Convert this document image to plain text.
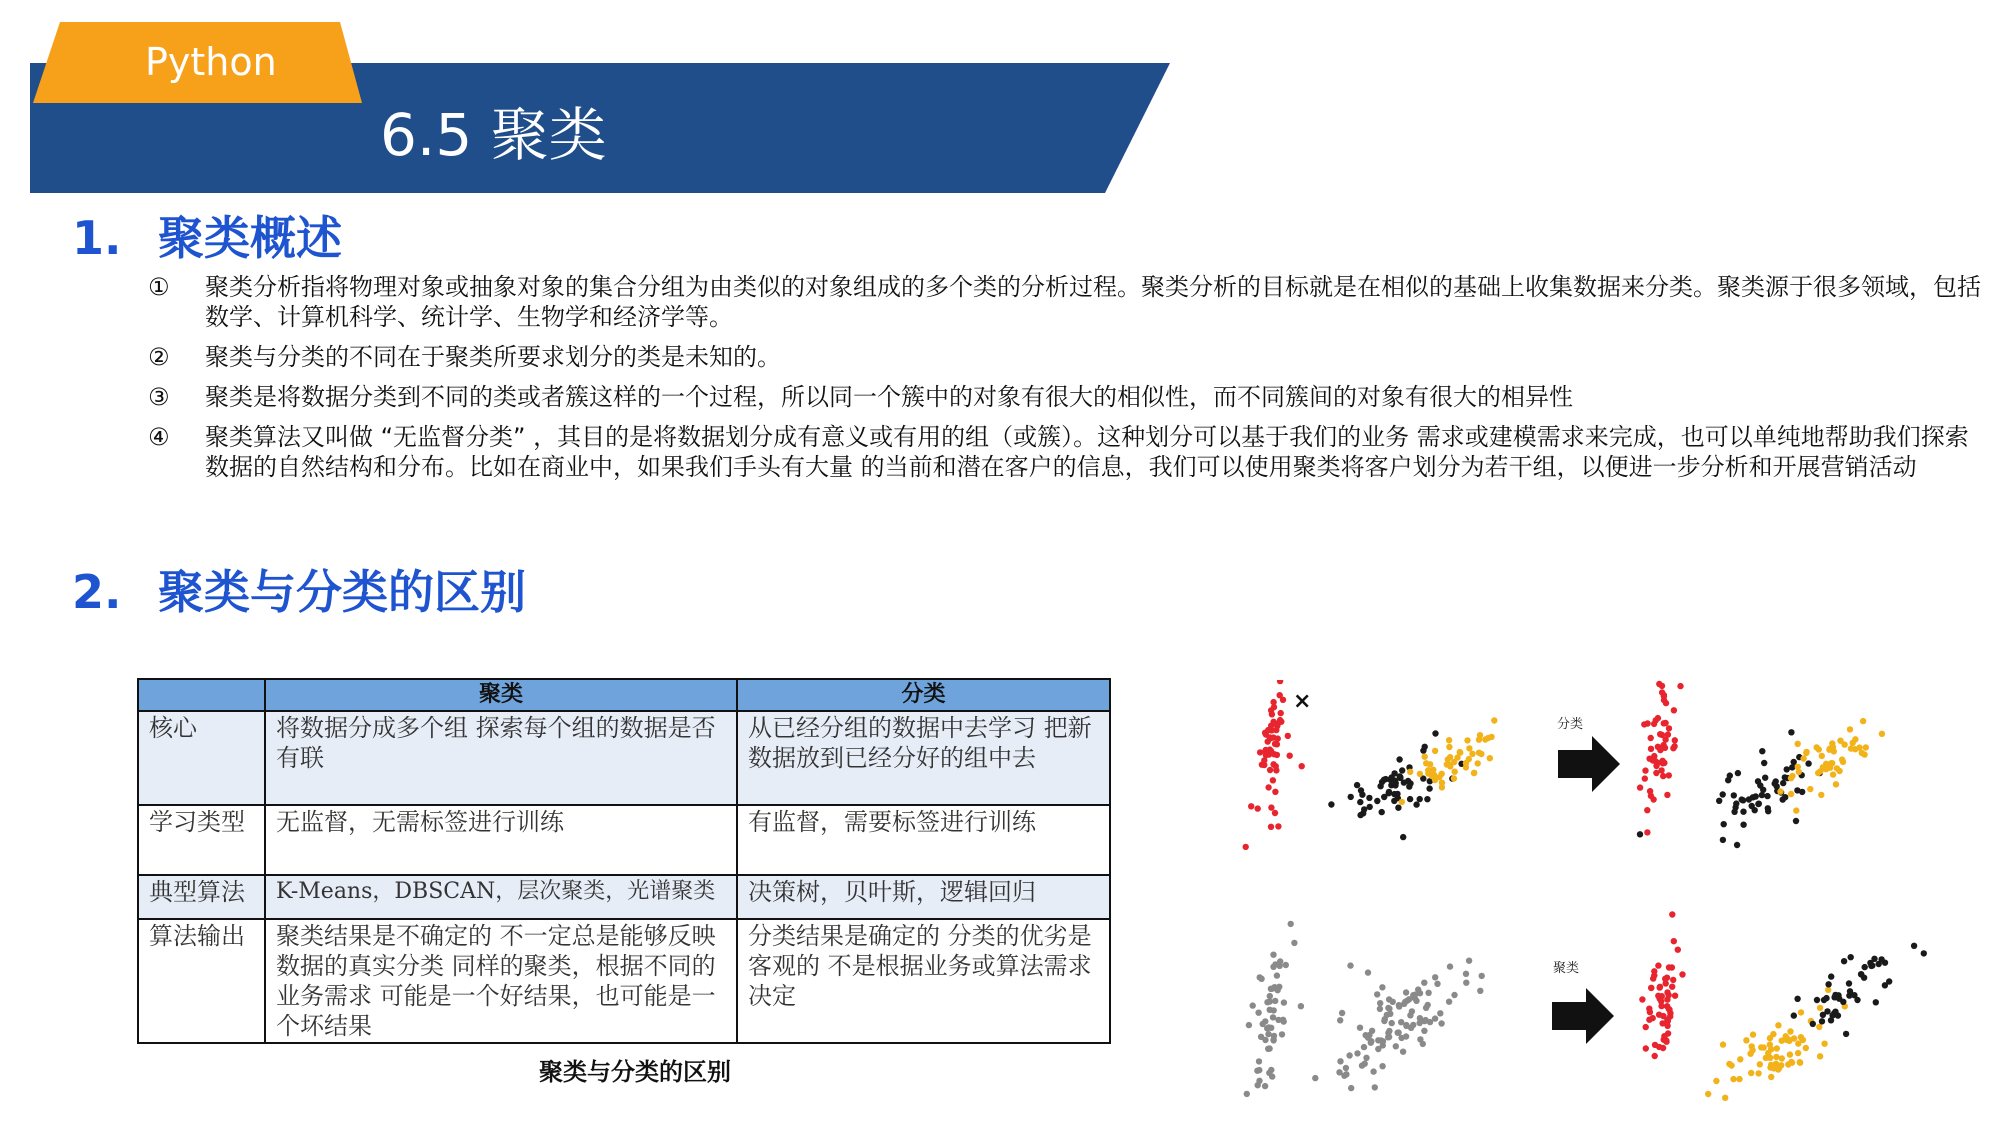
Python
6.5 聚类
1. 聚类概述
①	聚类分析指将物理对象或抽象对象的集合分组为由类似的对象组成的多个类的分析过程。聚类分析的目标就是在相似的基础上收集数据来分类。聚类源于很多领域，包括数学、计算机科学、统计学、生物学和经济学等。
②	聚类与分类的不同在于聚类所要求划分的类是未知的。
③	聚类是将数据分类到不同的类或者簇这样的一个过程，所以同一个簇中的对象有很大的相似性，而不同簇间的对象有很大的相异性
④	聚类算法又叫做 “无监督分类” ，其目的是将数据划分成有意义或有用的组（或簇）。这种划分可以基于我们的业务 需求或建模需求来完成，也可以单纯地帮助我们探索数据的自然结构和分布。比如在商业中，如果我们手头有大量 的当前和潜在客户的信息，我们可以使用聚类将客户划分为若干组，以便进一步分析和开展营销活动
2. 聚类与分类的区别
	聚类	分类
核心	将数据分成多个组 探索每个组的数据是否有联	从已经分组的数据中去学习 把新数据放到已经分好的组中去
学习类型	无监督，无需标签进行训练	有监督，需要标签进行训练
典型算法	K-Means，DBSCAN，层次聚类，光谱聚类	决策树，贝叶斯，逻辑回归
算法输出	聚类结果是不确定的 不一定总是能够反映数据的真实分类 同样的聚类，根据不同的业务需求 可能是一个好结果，也可能是一个坏结果	分类结果是确定的 分类的优劣是客观的 不是根据业务或算法需求决定
聚类与分类的区别
×
分类
聚类
